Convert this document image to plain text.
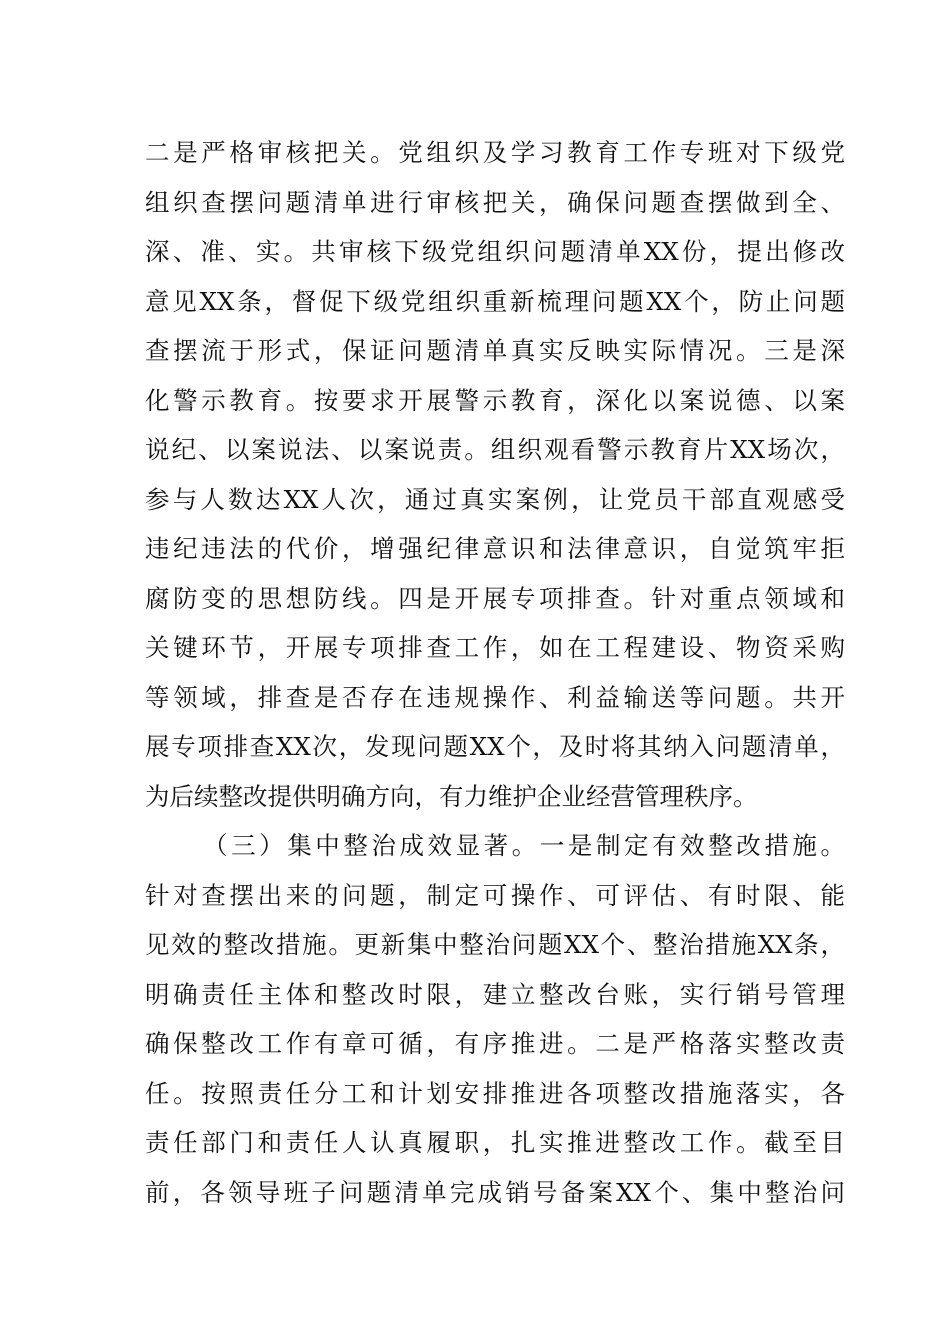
二是严格审核把关。党组织及学习教育工作专班对下级党
组织查摆问题清单进行审核把关，确保问题查摆做到全、
深、准、实。共审核下级党组织问题清单XX份，提出修改
意见XX条，督促下级党组织重新梳理问题XX个，防止问题
查摆流于形式，保证问题清单真实反映实际情况。三是深
化警示教育。按要求开展警示教育，深化以案说德、以案
说纪、以案说法、以案说责。组织观看警示教育片XX场次，
参与人数达XX人次，通过真实案例，让党员干部直观感受
违纪违法的代价，增强纪律意识和法律意识，自觉筑牢拒
腐防变的思想防线。四是开展专项排查。针对重点领域和
关键环节，开展专项排查工作，如在工程建设、物资采购
等领域，排查是否存在违规操作、利益输送等问题。共开
展专项排查XX次，发现问题XX个，及时将其纳入问题清单，
为后续整改提供明确方向，有力维护企业经营管理秩序。
（三）集中整治成效显著。一是制定有效整改措施。
针对查摆出来的问题，制定可操作、可评估、有时限、能
见效的整改措施。更新集中整治问题XX个、整治措施XX条，
明确责任主体和整改时限，建立整改台账，实行销号管理
确保整改工作有章可循，有序推进。二是严格落实整改责
任。按照责任分工和计划安排推进各项整改措施落实，各
责任部门和责任人认真履职，扎实推进整改工作。截至目
前，各领导班子问题清单完成销号备案XX个、集中整治问
